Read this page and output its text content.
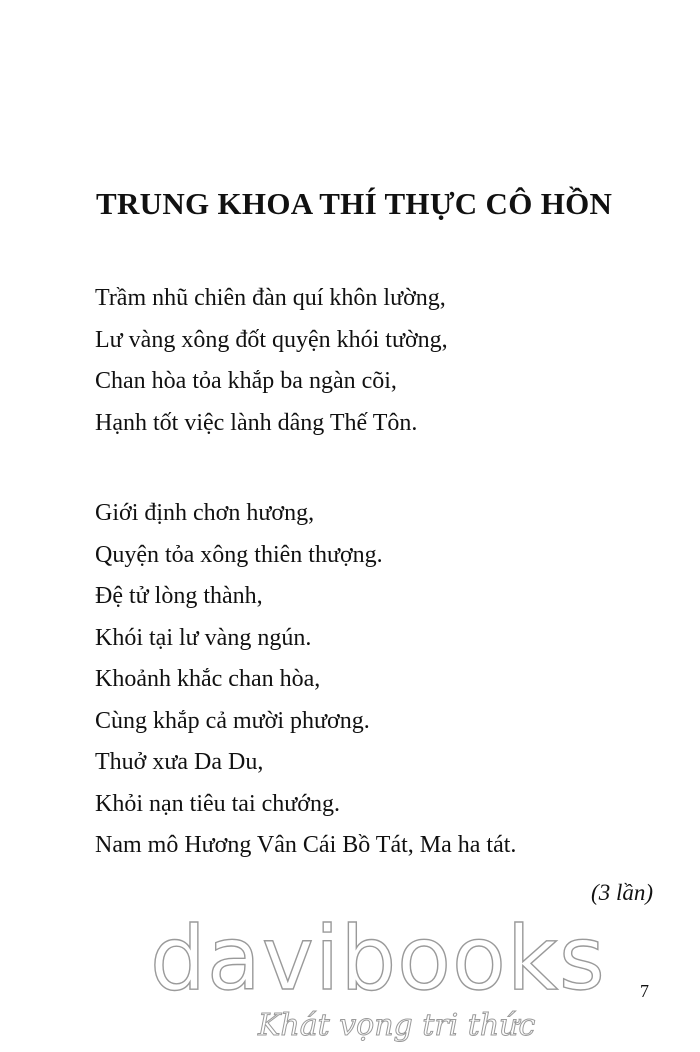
TRUNG KHOA THÍ THỰC CÔ HỒN
Trầm nhũ chiên đàn quí khôn lường,
Lư vàng xông đốt quyện khói tường,
Chan hòa tỏa khắp ba ngàn cõi,
Hạnh tốt việc lành dâng Thế Tôn.
Giới định chơn hương,
Quyện tỏa xông thiên thượng.
Đệ tử lòng thành,
Khói tại lư vàng ngún.
Khoảnh khắc chan hòa,
Cùng khắp cả mười phương.
Thuở xưa Da Du,
Khỏi nạn tiêu tai chướng.
Nam mô Hương Vân Cái Bồ Tát, Ma ha tát.
(3 lần)
davibooks
Khát vọng tri thức
7
